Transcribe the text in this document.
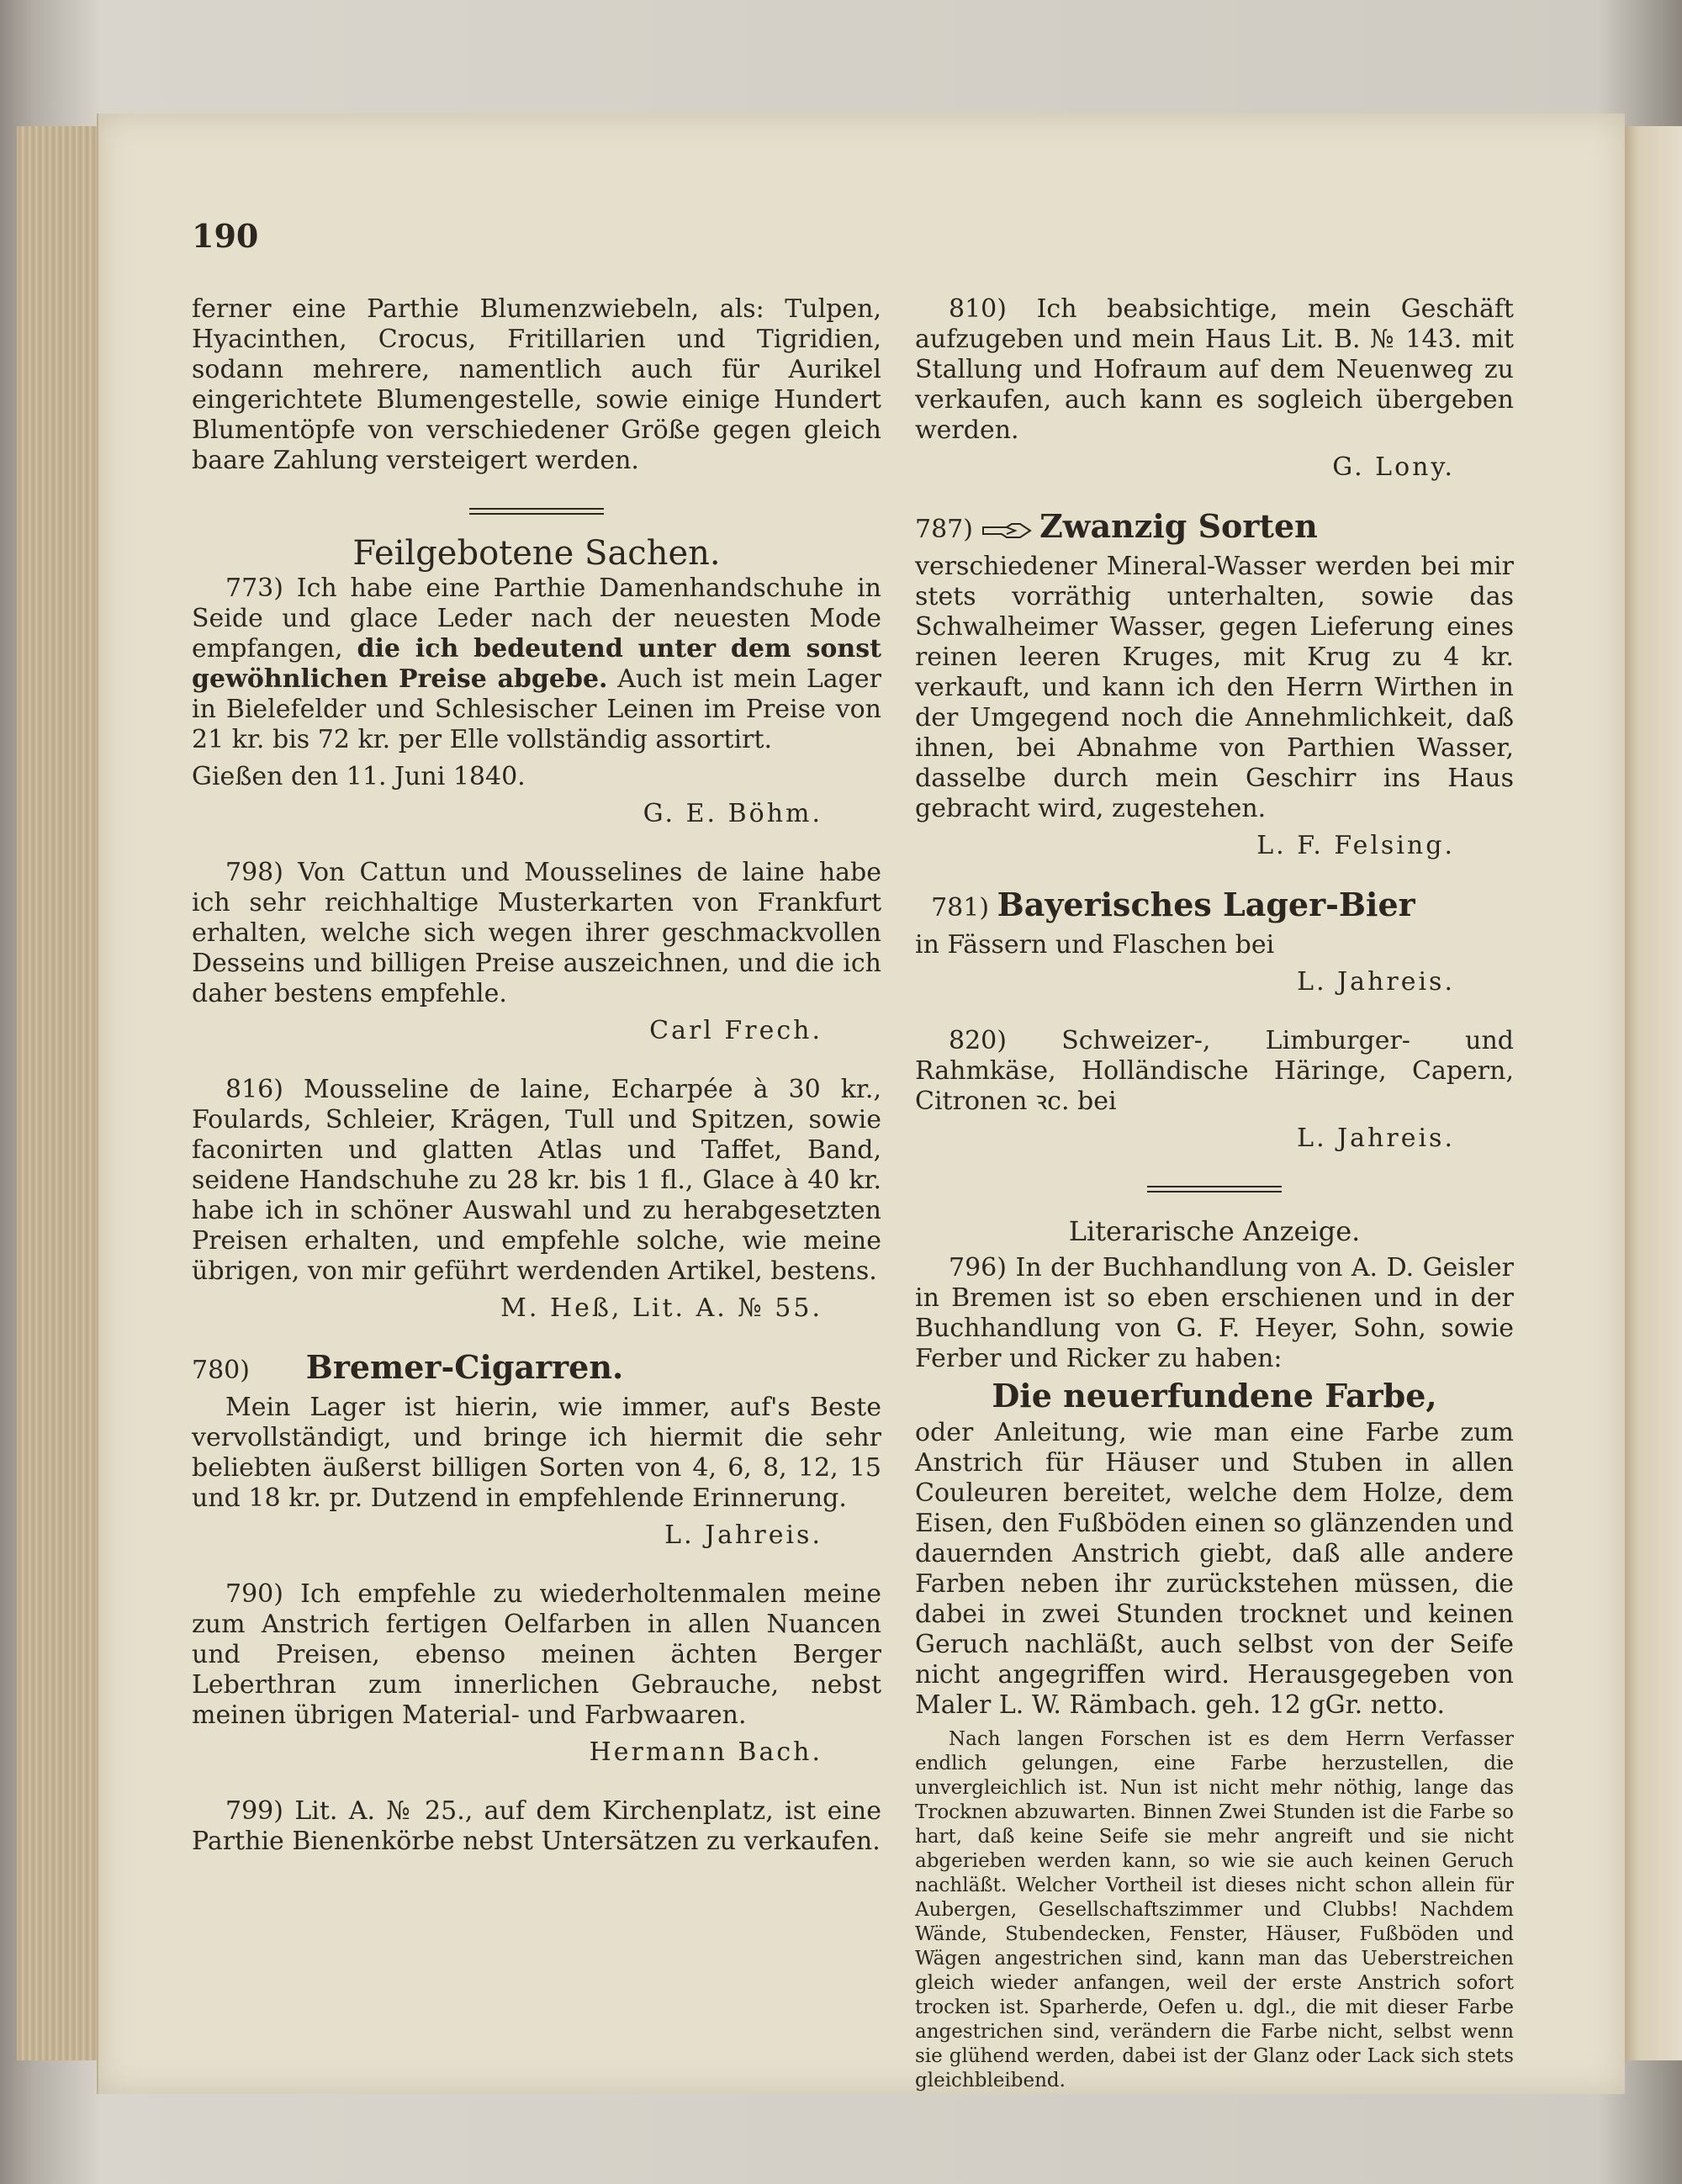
190

ferner eine Parthie Blumenzwiebeln, als: Tulpen, Hyacinthen, Crocus, Fritillarien und Tigridien, sodann mehrere, namentlich auch für Aurikel eingerichtete Blumengestelle, sowie einige Hundert Blumentöpfe von verschiedener Größe gegen gleich baare Zahlung versteigert werden.

Feilgebotene Sachen.

773) Ich habe eine Parthie Damenhandschuhe in Seide und glace Leder nach der neuesten Mode empfangen, die ich bedeutend unter dem sonst gewöhnlichen Preise abgebe. Auch ist mein Lager in Bielefelder und Schlesischer Leinen im Preise von 21 kr. bis 72 kr. per Elle vollständig assortirt.

Gießen den 11. Juni 1840.

G. E. Böhm.

798) Von Cattun und Mousselines de laine habe ich sehr reichhaltige Musterkarten von Frankfurt erhalten, welche sich wegen ihrer geschmackvollen Desseins und billigen Preise auszeichnen, und die ich daher bestens empfehle.

Carl Frech.

816) Mousseline de laine, Echarpée à 30 kr., Foulards, Schleier, Krägen, Tull und Spitzen, sowie faconirten und glatten Atlas und Taffet, Band, seidene Handschuhe zu 28 kr. bis 1 fl., Glace à 40 kr. habe ich in schöner Auswahl und zu herabgesetzten Preisen erhalten, und empfehle solche, wie meine übrigen, von mir geführt werdenden Artikel, bestens.

M. Heß, Lit. A. № 55.

780) Bremer-Cigarren.

Mein Lager ist hierin, wie immer, auf's Beste vervollständigt, und bringe ich hiermit die sehr beliebten äußerst billigen Sorten von 4, 6, 8, 12, 15 und 18 kr. pr. Dutzend in empfehlende Erinnerung.

L. Jahreis.

790) Ich empfehle zu wiederholtenmalen meine zum Anstrich fertigen Oelfarben in allen Nuancen und Preisen, ebenso meinen ächten Berger Leberthran zum innerlichen Gebrauche, nebst meinen übrigen Material- und Farbwaaren.

Hermann Bach.

799) Lit. A. № 25., auf dem Kirchenplatz, ist eine Parthie Bienenkörbe nebst Untersätzen zu verkaufen.

810) Ich beabsichtige, mein Geschäft aufzugeben und mein Haus Lit. B. № 143. mit Stallung und Hofraum auf dem Neuenweg zu verkaufen, auch kann es sogleich übergeben werden.

G. Lony.

787) Zwanzig Sorten

verschiedener Mineral-Wasser werden bei mir stets vorräthig unterhalten, sowie das Schwalheimer Wasser, gegen Lieferung eines reinen leeren Kruges, mit Krug zu 4 kr. verkauft, und kann ich den Herrn Wirthen in der Umgegend noch die Annehmlichkeit, daß ihnen, bei Abnahme von Parthien Wasser, dasselbe durch mein Geschirr ins Haus gebracht wird, zugestehen.

L. F. Felsing.

781) Bayerisches Lager-Bier

in Fässern und Flaschen bei

L. Jahreis.

820) Schweizer-, Limburger- und Rahmkäse, Holländische Häringe, Capern, Citronen ꝛc. bei

L. Jahreis.

Literarische Anzeige.

796) In der Buchhandlung von A. D. Geisler in Bremen ist so eben erschienen und in der Buchhandlung von G. F. Heyer, Sohn, sowie Ferber und Ricker zu haben:

Die neuerfundene Farbe,

oder Anleitung, wie man eine Farbe zum Anstrich für Häuser und Stuben in allen Couleuren bereitet, welche dem Holze, dem Eisen, den Fußböden einen so glänzenden und dauernden Anstrich giebt, daß alle andere Farben neben ihr zurückstehen müssen, die dabei in zwei Stunden trocknet und keinen Geruch nachläßt, auch selbst von der Seife nicht angegriffen wird. Herausgegeben von Maler L. W. Rämbach. geh. 12 gGr. netto.

Nach langen Forschen ist es dem Herrn Verfasser endlich gelungen, eine Farbe herzustellen, die unvergleichlich ist. Nun ist nicht mehr nöthig, lange das Trocknen abzuwarten. Binnen Zwei Stunden ist die Farbe so hart, daß keine Seife sie mehr angreift und sie nicht abgerieben werden kann, so wie sie auch keinen Geruch nachläßt. Welcher Vortheil ist dieses nicht schon allein für Aubergen, Gesellschaftszimmer und Clubbs! Nachdem Wände, Stubendecken, Fenster, Häuser, Fußböden und Wägen angestrichen sind, kann man das Ueberstreichen gleich wieder anfangen, weil der erste Anstrich sofort trocken ist. Sparherde, Oefen u. dgl., die mit dieser Farbe angestrichen sind, verändern die Farbe nicht, selbst wenn sie glühend werden, dabei ist der Glanz oder Lack sich stets gleichbleibend.
